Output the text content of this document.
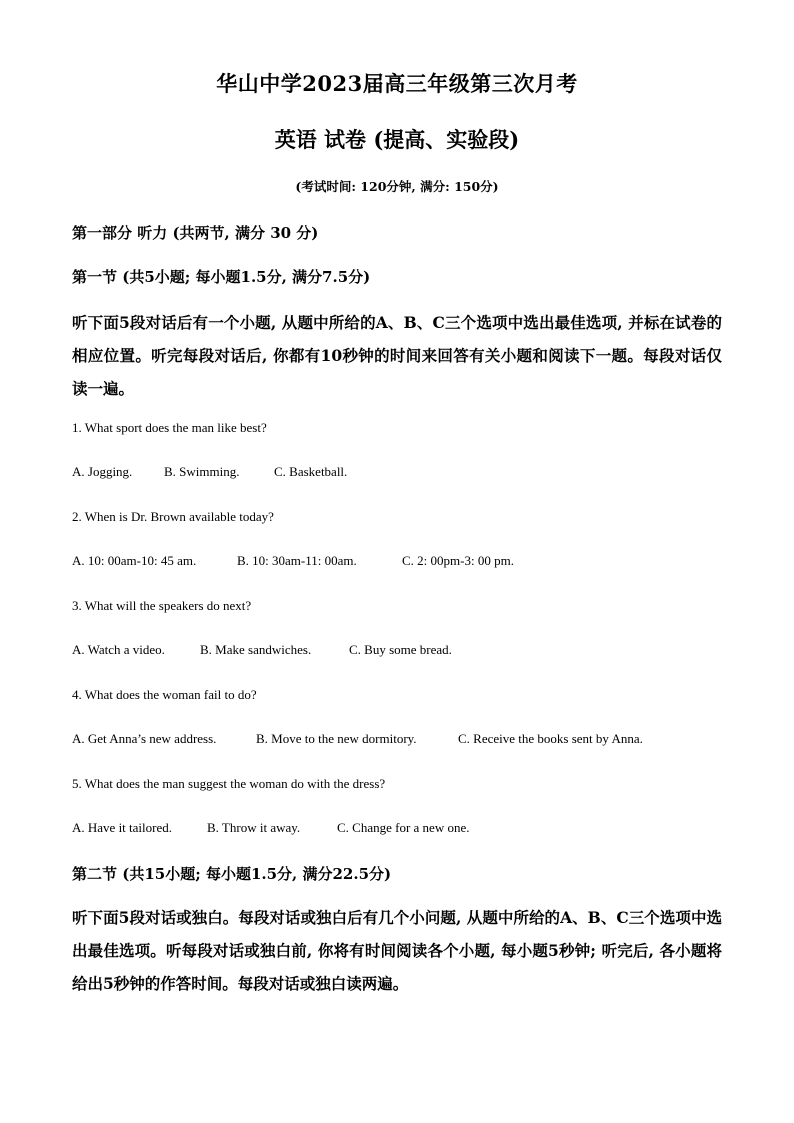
华山中学2023届高三年级第三次月考
英语 试卷 (提高、实验段)
(考试时间: 120分钟, 满分: 150分)
第一部分 听力 (共两节, 满分 30 分)
第一节 (共5小题; 每小题1.5分, 满分7.5分)
听下面5段对话后有一个小题, 从题中所给的A、B、C三个选项中选出最佳选项, 并标在试卷的相应位置。听完每段对话后, 你都有10秒钟的时间来回答有关小题和阅读下一题。每段对话仅读一遍。
1. What sport does the man like best?
A. Jogging. B. Swimming.	C. Basketball.
2. When is Dr. Brown available today?
A. 10: 00am-10: 45 am.	B. 10: 30am-11: 00am.	C. 2: 00pm-3: 00 pm.
3. What will the speakers do next?
A. Watch a video.	B. Make sandwiches.	C. Buy some bread.
4. What does the woman fail to do?
A. Get Anna’s new address.	B. Move to the new dormitory.	C. Receive the books sent by Anna.
5. What does the man suggest the woman do with the dress?
A. Have it tailored.	B. Throw it away.	C. Change for a new one.
第二节 (共15小题; 每小题1.5分, 满分22.5分)
听下面5段对话或独白。每段对话或独白后有几个小问题, 从题中所给的A、B、C三个选项中选出最佳选项。听每段对话或独白前, 你将有时间阅读各个小题, 每小题5秒钟; 听完后, 各小题将给出5秒钟的作答时间。每段对话或独白读两遍。
